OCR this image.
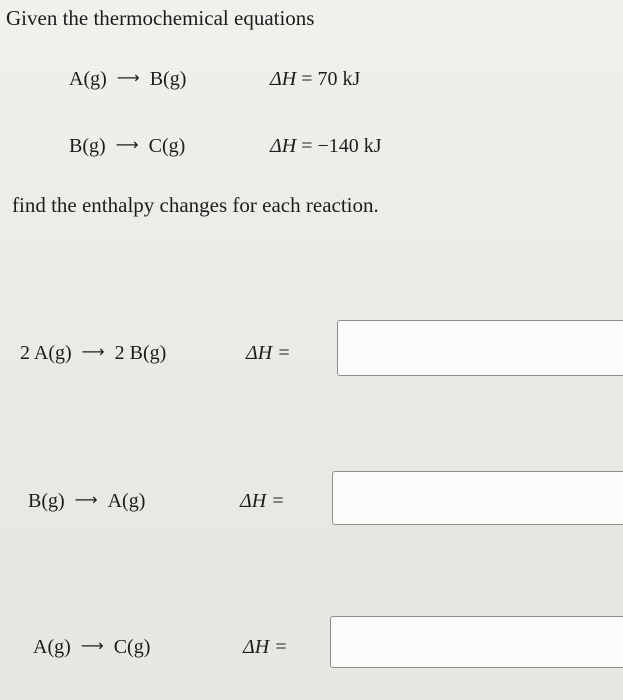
Given the thermochemical equations
A(g) ⟶ B(g)	ΔH = 70 kJ
B(g) ⟶ C(g)	ΔH = −140 kJ
find the enthalpy changes for each reaction.
2 A(g) ⟶ 2 B(g)	ΔH =
B(g) ⟶ A(g)	ΔH =
A(g) ⟶ C(g)	ΔH =
